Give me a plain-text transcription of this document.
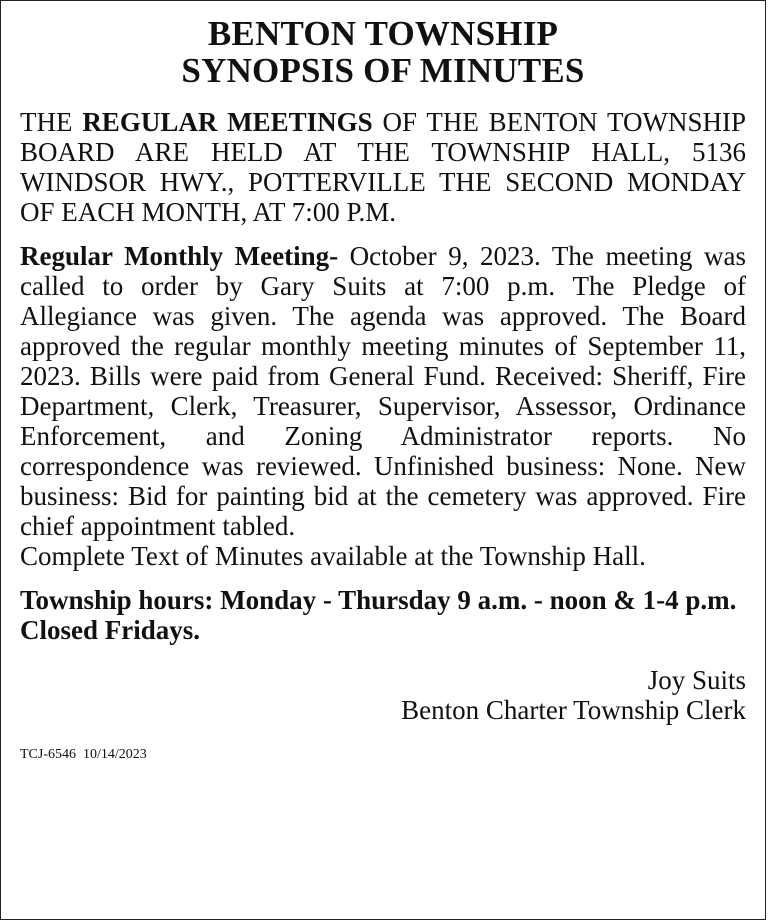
BENTON TOWNSHIP
SYNOPSIS OF MINUTES

THE REGULAR MEETINGS OF THE BENTON TOWNSHIP BOARD ARE HELD AT THE TOWNSHIP HALL, 5136 WINDSOR HWY., POTTERVILLE THE SECOND MONDAY OF EACH MONTH, AT 7:00 P.M.

Regular Monthly Meeting- October 9, 2023. The meeting was called to order by Gary Suits at 7:00 p.m. The Pledge of Allegiance was given. The agenda was approved. The Board approved the regular monthly meeting minutes of September 11, 2023. Bills were paid from General Fund. Received: Sheriff, Fire Department, Clerk, Treasurer, Supervisor, Assessor, Ordinance Enforcement, and Zoning Administrator reports. No correspondence was reviewed. Unfinished business: None. New business: Bid for painting bid at the cemetery was approved. Fire chief appointment tabled.

Complete Text of Minutes available at the Township Hall.

Township hours: Monday - Thursday 9 a.m. - noon & 1-4 p.m. Closed Fridays.

Joy Suits
Benton Charter Township Clerk
TCJ-6546  10/14/2023
